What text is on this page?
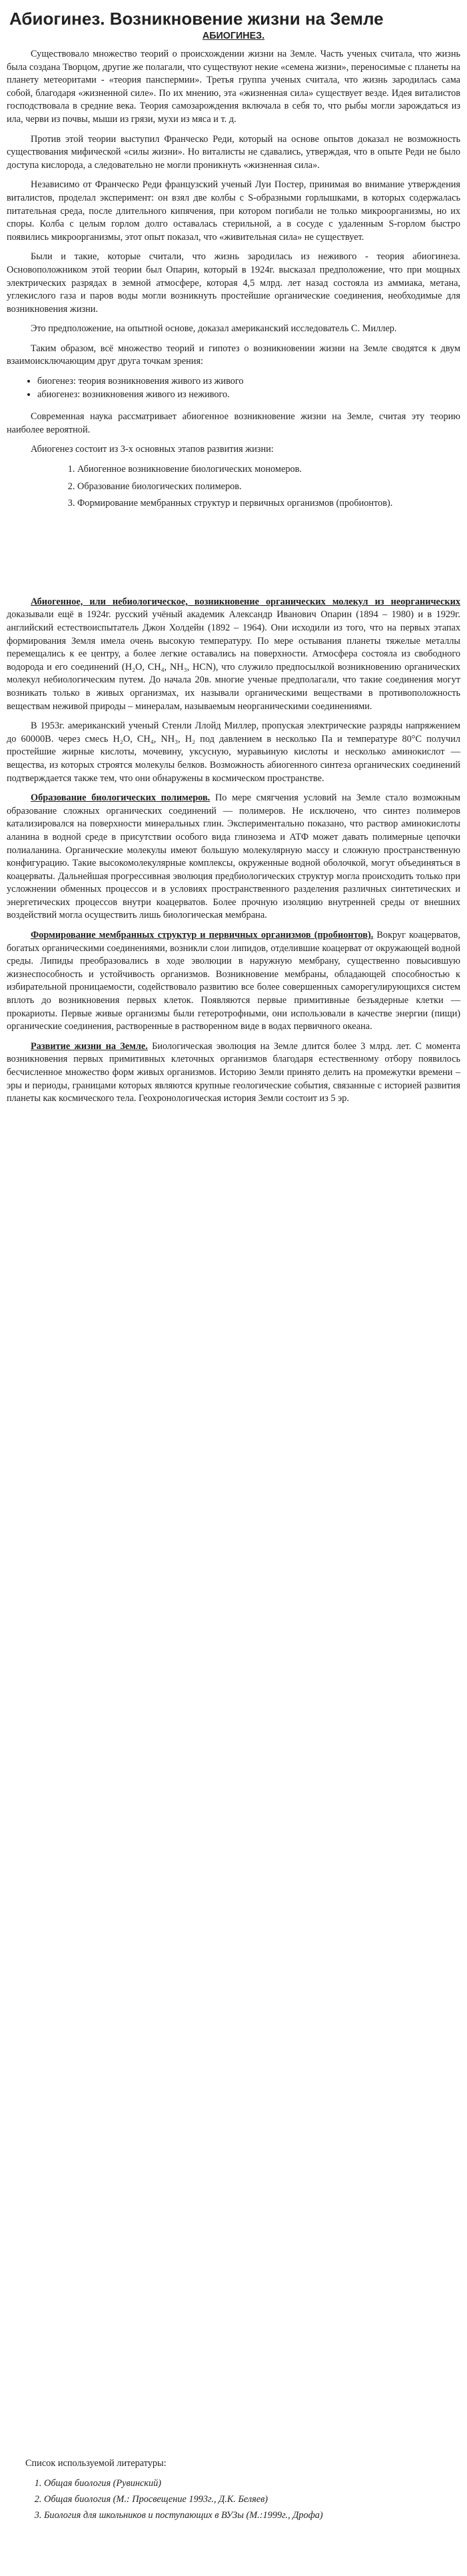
Абиогинез. Возникновение жизни на Земле
АБИОГИНЕЗ.

Существовало множество теорий о происхождении жизни на Земле. Часть ученых считала, что жизнь была создана Творцом, другие же полагали, что существуют некие «семена жизни», переносимые с планеты на планету метеоритами - «теория панспермии». Третья группа ученых считала, что жизнь зародилась сама собой, благодаря «жизненной силе». По их мнению, эта «жизненная сила» существует везде. Идея виталистов господствовала в средние века. Теория самозарождения включала в себя то, что рыбы могли зарождаться из ила, черви из почвы, мыши из грязи, мухи из мяса и т. д.

Против этой теории выступил Франческо Реди, который на основе опытов доказал не возможность существования мифической «силы жизни». Но виталисты не сдавались, утверждая, что в опыте Реди не было доступа кислорода, а следовательно не могли проникнуть «жизненная сила».

Независимо от Франческо Реди французский ученый Луи Постер, принимая во внимание утверждения виталистов, проделал эксперимент: он взял две колбы с S-образными горлышками, в которых содержалась питательная среда, после длительного кипячения, при котором погибали не только микроорганизмы, но их споры. Колба с целым горлом долго оставалась стерильной, а в сосуде с удаленным S-горлом быстро появились микроорганизмы, этот опыт показал, что «живительная сила» не существует.

Были и такие, которые считали, что жизнь зародилась из неживого - теория абиогинеза. Основоположником этой теории был Опарин, который в 1924г. высказал предположение, что при мощных электрических разрядах в земной атмосфере, которая 4,5 млрд. лет назад состояла из аммиака, метана, углекислого газа и паров воды могли возникнуть простейшие органические соединения, необходимые для возникновения жизни.

Это предположение, на опытной основе, доказал американский исследователь С. Миллер.

Таким образом, всё множество теорий и гипотез о возникновении жизни на Земле сводятся к двум взаимоисключающим друг друга точкам зрения:

• биогенез: теория возникновения живого из живого
• абиогенез: возникновения живого из неживого.

Современная наука рассматривает абиогенное возникновение жизни на Земле, считая эту теорию наиболее вероятной.

Абиогенез состоит из 3-х основных этапов развития жизни:

1. Абиогенное возникновение биологических мономеров.
2. Образование биологических полимеров.
3. Формирование мембранных структур и первичных организмов (пробионтов).

Абиогенное, или небиологическое, возникновение органических молекул из неорганических доказывали ещё в 1924г. русский учёный академик Александр Иванович Опарин (1894 – 1980) и в 1929г. английский естествоиспытатель Джон Холдейн (1892 – 1964). Они исходили из того, что на первых этапах формирования Земля имела очень высокую температуру. По мере остывания планеты тяжелые металлы перемещались к ее центру, а более легкие оставались на поверхности. Атмосфера состояла из свободного водорода и его соединений (H₂O, CH₄, NH₃, HCN), что служило предпосылкой возникновению органических молекул небиологическим путем. До начала 20в. многие ученые предполагали, что такие соединения могут возникать только в живых организмах, их называли органическими веществами в противоположность веществам неживой природы – минералам, называемым неорганическими соединениями.

В 1953г. американский ученый Стенли Ллойд Миллер, пропуская электрические разряды напряжением до 60000В. через смесь H₂O, CH₄, NH₃, H₂ под давлением в несколько Па и температуре 80°C получил простейшие жирные кислоты, мочевину, уксусную, муравьиную кислоты и несколько аминокислот — вещества, из которых строятся молекулы белков. Возможность абиогенного синтеза органических соединений подтверждается также тем, что они обнаружены в космическом пространстве.

Образование биологических полимеров. По мере смягчения условий на Земле стало возможным образование сложных органических соединений — полимеров. Не исключено, что синтез полимеров катализировался на поверхности минеральных глин. Экспериментально показано, что раствор аминокислоты аланина в водной среде в присутствии особого вида глинозема и АТФ может давать полимерные цепочки полиаланина. Органические молекулы имеют большую молекулярную массу и сложную пространственную конфигурацию. Такие высокомолекулярные комплексы, окруженные водной оболочкой, могут объединяться в коацерваты. Дальнейшая прогрессивная эволюция предбиологических структур могла происходить только при усложнении обменных процессов и в условиях пространственного разделения различных синтетических и энергетических процессов внутри коацерватов. Более прочную изоляцию внутренней среды от внешних воздействий могла осуществить лишь биологическая мембрана.

Формирование мембранных структур и первичных организмов (пробионтов). Вокруг коацерватов, богатых органическими соединениями, возникли слои липидов, отделившие коацерват от окружающей водной среды. Липиды преобразовались в ходе эволюции в наружную мембрану, существенно повысившую жизнеспособность и устойчивость организмов. Возникновение мембраны, обладающей способностью к избирательной проницаемости, содействовало развитию все более совершенных саморегулирующихся систем вплоть до возникновения первых клеток. Появляются первые примитивные безъядерные клетки — прокариоты. Первые живые организмы были гетеротрофными, они использовали в качестве энергии (пищи) органические соединения, растворенные в растворенном виде в водах первичного океана.

Развитие жизни на Земле. Биологическая эволюция на Земле длится более 3 млрд. лет. С момента возникновения первых примитивных клеточных организмов благодаря естественному отбору появилось бесчисленное множество форм живых организмов. Историю Земли принято делить на промежутки времени – эры и периоды, границами которых являются крупные геологические события, связанные с историей развития планеты как космического тела. Геохронологическая история Земли состоит из 5 эр.

Список используемой литературы:
1. Общая биология (Рувинский)
2. Общая биология (М.: Просвещение 1993г., Д.К. Беляев)
3. Биология для школьников и поступающих в ВУЗы (М.:1999г., Дрофа)
